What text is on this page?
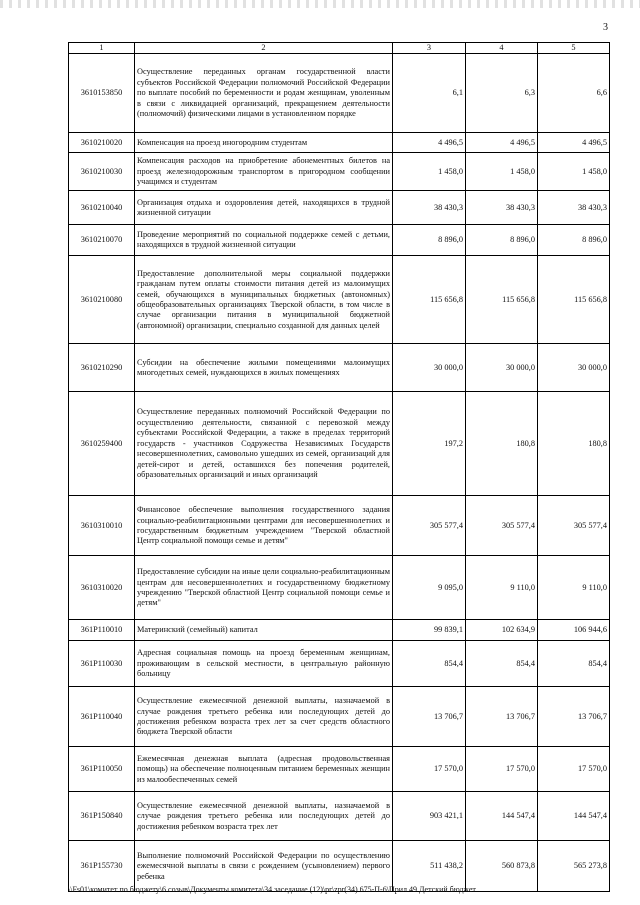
3
1	2	3	4	5
3610153850	Осуществление переданных органам государственной власти субъектов Российской Федерации полномочий Российской Федерации по выплате пособий по беременности и родам женщинам, уволенным в связи с ликвидацией организаций, прекращением деятельности (полномочий) физическими лицами в установленном порядке	6,1	6,3	6,6
3610210020	Компенсация на проезд иногородним студентам	4 496,5	4 496,5	4 496,5
3610210030	Компенсация расходов на приобретение абонементных билетов на проезд железнодорожным транспортом в пригородном сообщении учащимся и студентам	1 458,0	1 458,0	1 458,0
3610210040	Организация отдыха и оздоровления детей, находящихся в трудной жизненной ситуации	38 430,3	38 430,3	38 430,3
3610210070	Проведение мероприятий по социальной поддержке семей с детьми, находящихся в трудной жизненной ситуации	8 896,0	8 896,0	8 896,0
3610210080	Предоставление дополнительной меры социальной поддержки гражданам путем оплаты стоимости питания детей из малоимущих семей, обучающихся в муниципальных бюджетных (автономных) общеобразовательных организациях Тверской области, в том числе в случае организации питания в муниципальной бюджетной (автономной) организации, специально созданной для данных целей	115 656,8	115 656,8	115 656,8
3610210290	Субсидии на обеспечение жилыми помещениями малоимущих многодетных семей, нуждающихся в жилых помещениях	30 000,0	30 000,0	30 000,0
3610259400	Осуществление переданных полномочий Российской Федерации по осуществлению деятельности, связанной с перевозкой между субъектами Российской Федерации, а также в пределах территорий государств - участников Содружества Независимых Государств несовершеннолетних, самовольно ушедших из семей, организаций для детей-сирот и детей, оставшихся без попечения родителей, образовательных организаций и иных организаций	197,2	180,8	180,8
3610310010	Финансовое обеспечение выполнения государственного задания социально-реабилитационными центрами для несовершеннолетних и государственным бюджетным учреждением "Тверской областной Центр социальной помощи семье и детям"	305 577,4	305 577,4	305 577,4
3610310020	Предоставление субсидии на иные цели социально-реабилитационным центрам для несовершеннолетних и государственному бюджетному учреждению "Тверской областной Центр социальной помощи семье и детям"	9 095,0	9 110,0	9 110,0
361P110010	Материнский (семейный) капитал	99 839,1	102 634,9	106 944,6
361P110030	Адресная социальная помощь на проезд беременным женщинам, проживающим в сельской местности, в центральную районную больницу	854,4	854,4	854,4
361P110040	Осуществление ежемесячной денежной выплаты, назначаемой в случае рождения третьего ребенка или последующих детей до достижения ребенком возраста трех лет за счет средств областного бюджета Тверской области	13 706,7	13 706,7	13 706,7
361P110050	Ежемесячная денежная выплата (адресная продовольственная помощь) на обеспечение полноценным питанием беременных женщин из малообеспеченных семей	17 570,0	17 570,0	17 570,0
361P150840	Осуществление ежемесячной денежной выплаты, назначаемой в случае рождения третьего ребенка или последующих детей до достижения ребенком возраста трех лет	903 421,1	144 547,4	144 547,4
361P155730	Выполнение полномочий Российской Федерации по осуществлению ежемесячной выплаты в связи с рождением (усыновлением) первого ребенка	511 438,2	560 873,8	565 273,8
\\Fs01\комитет по бюджету\6 созыв\Документы комитета\34 заседание (12)\pr\zpr(34) 675-П-6\Прил 49 Детский бюджет
